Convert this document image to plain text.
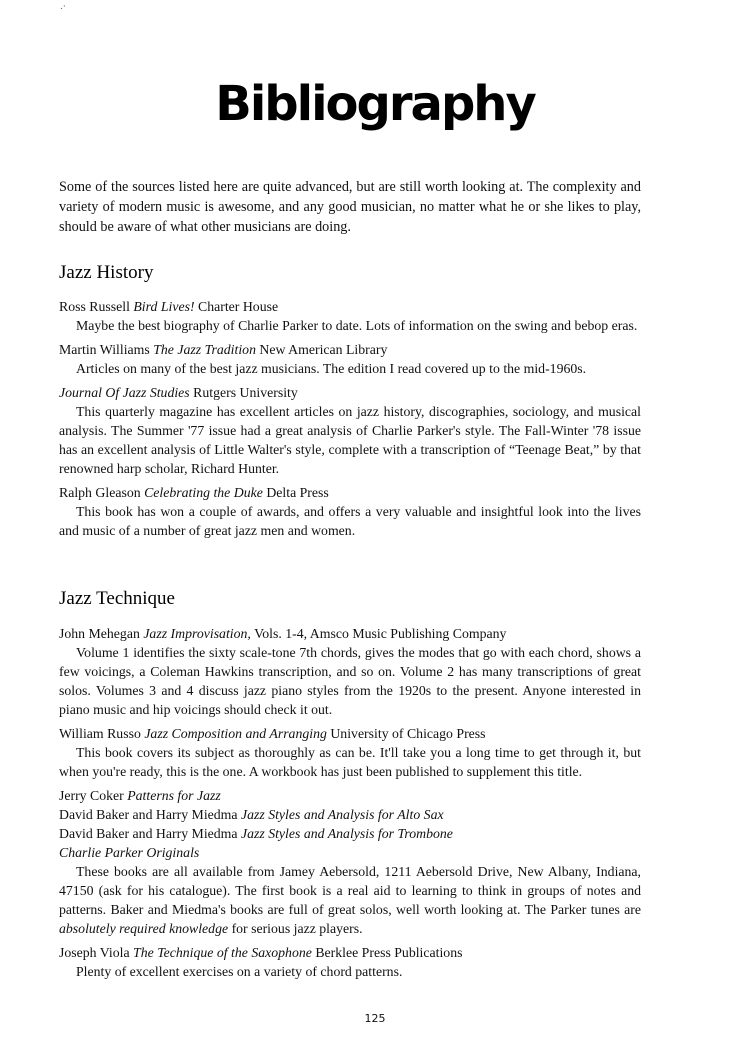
.·
Bibliography

Some of the sources listed here are quite advanced, but are still worth looking at. The complexity and variety of modern music is awesome, and any good musician, no matter what he or she likes to play, should be aware of what other musicians are doing.

Jazz History
Ross Russell Bird Lives! Charter House
Maybe the best biography of Charlie Parker to date. Lots of information on the swing and bebop eras.
Martin Williams The Jazz Tradition New American Library
Articles on many of the best jazz musicians. The edition I read covered up to the mid-1960s.
Journal Of Jazz Studies Rutgers University
This quarterly magazine has excellent articles on jazz history, discographies, sociology, and musical analysis. The Summer '77 issue had a great analysis of Charlie Parker's style. The Fall-Winter '78 issue has an excellent analysis of Little Walter's style, complete with a transcription of “Teenage Beat,” by that renowned harp scholar, Richard Hunter.
Ralph Gleason Celebrating the Duke Delta Press
This book has won a couple of awards, and offers a very valuable and insightful look into the lives and music of a number of great jazz men and women.
Jazz Technique
John Mehegan Jazz Improvisation, Vols. 1-4, Amsco Music Publishing Company
Volume 1 identifies the sixty scale-tone 7th chords, gives the modes that go with each chord, shows a few voicings, a Coleman Hawkins transcription, and so on. Volume 2 has many transcriptions of great solos. Volumes 3 and 4 discuss jazz piano styles from the 1920s to the present. Anyone interested in piano music and hip voicings should check it out.
William Russo Jazz Composition and Arranging University of Chicago Press
This book covers its subject as thoroughly as can be. It'll take you a long time to get through it, but when you're ready, this is the one. A workbook has just been published to supplement this title.
Jerry Coker Patterns for Jazz
David Baker and Harry Miedma Jazz Styles and Analysis for Alto Sax
David Baker and Harry Miedma Jazz Styles and Analysis for Trombone
Charlie Parker Originals
These books are all available from Jamey Aebersold, 1211 Aebersold Drive, New Albany, Indiana, 47150 (ask for his catalogue). The first book is a real aid to learning to think in groups of notes and patterns. Baker and Miedma's books are full of great solos, well worth looking at. The Parker tunes are absolutely required knowledge for serious jazz players.
Joseph Viola The Technique of the Saxophone Berklee Press Publications
Plenty of excellent exercises on a variety of chord patterns.
125
